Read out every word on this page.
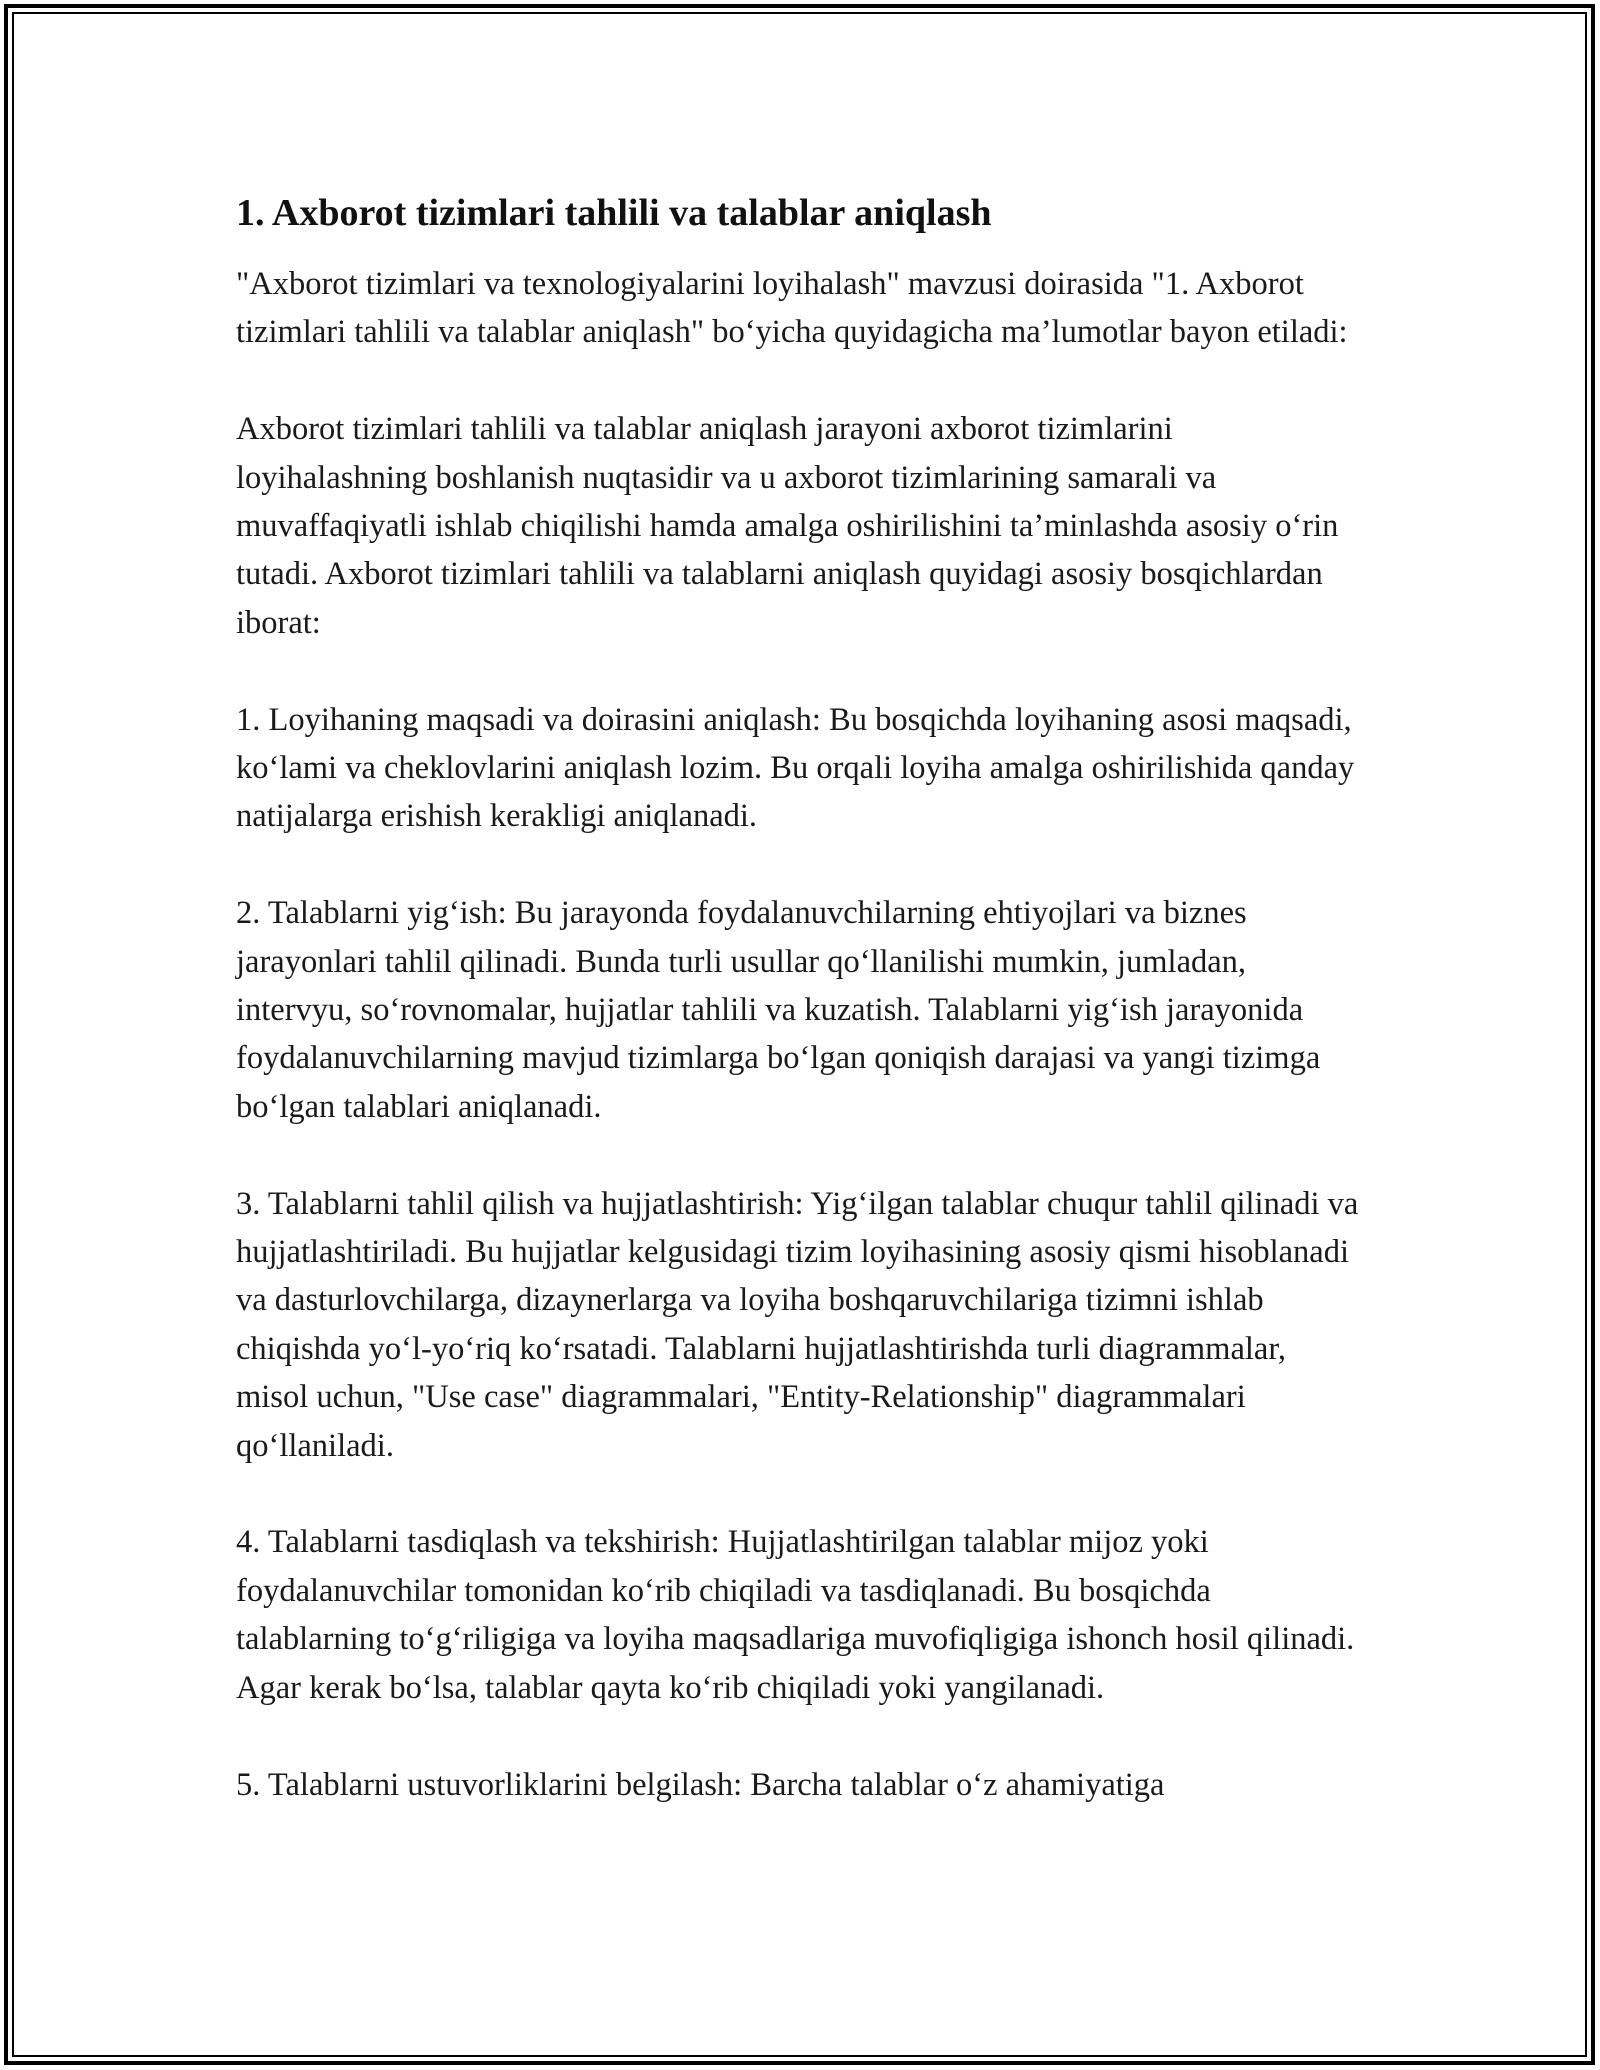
1. Axborot tizimlari tahlili va talablar aniqlash

"Axborot tizimlari va texnologiyalarini loyihalash" mavzusi doirasida "1. Axborot tizimlari tahlili va talablar aniqlash" bo‘yicha quyidagicha ma’lumotlar bayon etiladi:

Axborot tizimlari tahlili va talablar aniqlash jarayoni axborot tizimlarini loyihalashning boshlanish nuqtasidir va u axborot tizimlarining samarali va muvaffaqiyatli ishlab chiqilishi hamda amalga oshirilishini ta’minlashda asosiy o‘rin tutadi. Axborot tizimlari tahlili va talablarni aniqlash quyidagi asosiy bosqichlardan iborat:

1. Loyihaning maqsadi va doirasini aniqlash: Bu bosqichda loyihaning asosi maqsadi, ko‘lami va cheklovlarini aniqlash lozim. Bu orqali loyiha amalga oshirilishida qanday natijalarga erishish kerakligi aniqlanadi.

2. Talablarni yig‘ish: Bu jarayonda foydalanuvchilarning ehtiyojlari va biznes jarayonlari tahlil qilinadi. Bunda turli usullar qo‘llanilishi mumkin, jumladan, intervyu, so‘rovnomalar, hujjatlar tahlili va kuzatish. Talablarni yig‘ish jarayonida foydalanuvchilarning mavjud tizimlarga bo‘lgan qoniqish darajasi va yangi tizimga bo‘lgan talablari aniqlanadi.

3. Talablarni tahlil qilish va hujjatlashtirish: Yig‘ilgan talablar chuqur tahlil qilinadi va hujjatlashtiriladi. Bu hujjatlar kelgusidagi tizim loyihasining asosiy qismi hisoblanadi va dasturlovchilarga, dizaynerlarga va loyiha boshqaruvchilariga tizimni ishlab chiqishda yo‘l-yo‘riq ko‘rsatadi. Talablarni hujjatlashtirishda turli diagrammalar, misol uchun, "Use case" diagrammalari, "Entity-Relationship" diagrammalari qo‘llaniladi.

4. Talablarni tasdiqlash va tekshirish: Hujjatlashtirilgan talablar mijoz yoki foydalanuvchilar tomonidan ko‘rib chiqiladi va tasdiqlanadi. Bu bosqichda talablarning to‘g‘riligiga va loyiha maqsadlariga muvofiqligiga ishonch hosil qilinadi. Agar kerak bo‘lsa, talablar qayta ko‘rib chiqiladi yoki yangilanadi.

5. Talablarni ustuvorliklarini belgilash: Barcha talablar o‘z ahamiyatiga
